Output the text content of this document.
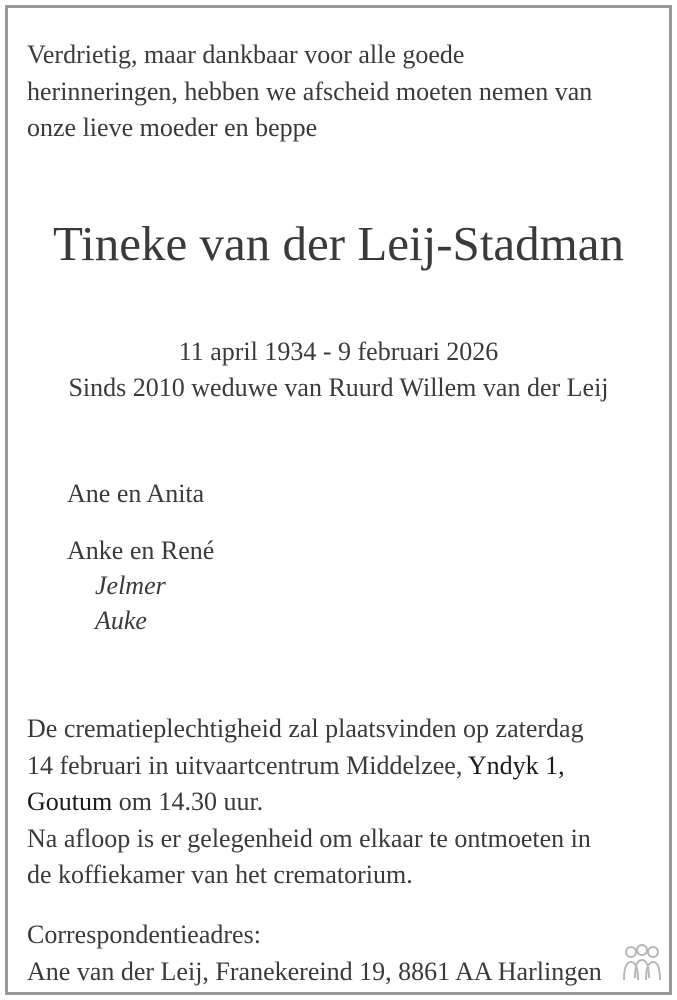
Verdrietig, maar dankbaar voor alle goede
herinneringen, hebben we afscheid moeten nemen van
onze lieve moeder en beppe
Tineke van der Leij-Stadman
11 april 1934 - 9 februari 2026
Sinds 2010 weduwe van Ruurd Willem van der Leij
Ane en Anita
Anke en René
Jelmer
Auke
De crematieplechtigheid zal plaatsvinden op zaterdag
14 februari in uitvaartcentrum Middelzee, Yndyk 1,
Goutum om 14.30 uur.
Na afloop is er gelegenheid om elkaar te ontmoeten in
de koffiekamer van het crematorium.
Correspondentieadres:
Ane van der Leij, Franekereind 19, 8861 AA Harlingen
